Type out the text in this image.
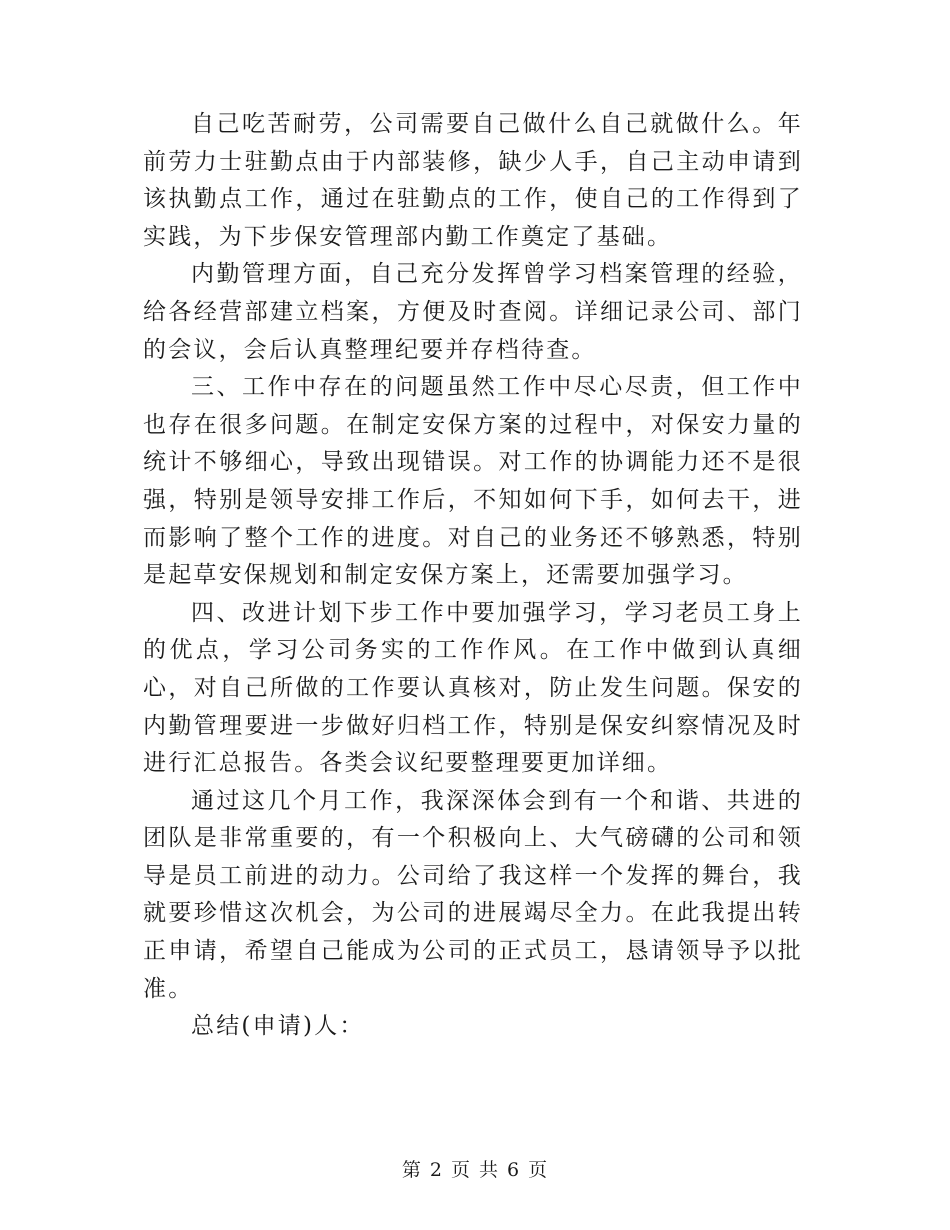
自己吃苦耐劳，公司需要自己做什么自己就做什么。年前劳力士驻勤点由于内部装修，缺少人手，自己主动申请到该执勤点工作，通过在驻勤点的工作，使自己的工作得到了实践，为下步保安管理部内勤工作奠定了基础。

内勤管理方面，自己充分发挥曾学习档案管理的经验，给各经营部建立档案，方便及时查阅。详细记录公司、部门的会议，会后认真整理纪要并存档待查。

三、工作中存在的问题虽然工作中尽心尽责，但工作中也存在很多问题。在制定安保方案的过程中，对保安力量的统计不够细心，导致出现错误。对工作的协调能力还不是很强，特别是领导安排工作后，不知如何下手，如何去干，进而影响了整个工作的进度。对自己的业务还不够熟悉，特别是起草安保规划和制定安保方案上，还需要加强学习。

四、改进计划下步工作中要加强学习，学习老员工身上的优点，学习公司务实的工作作风。在工作中做到认真细心，对自己所做的工作要认真核对，防止发生问题。保安的内勤管理要进一步做好归档工作，特别是保安纠察情况及时进行汇总报告。各类会议纪要整理要更加详细。

通过这几个月工作，我深深体会到有一个和谐、共进的团队是非常重要的，有一个积极向上、大气磅礴的公司和领导是员工前进的动力。公司给了我这样一个发挥的舞台，我就要珍惜这次机会，为公司的进展竭尽全力。在此我提出转正申请，希望自己能成为公司的正式员工，恳请领导予以批准。

总结(申请)人：

第 2 页 共 6 页
